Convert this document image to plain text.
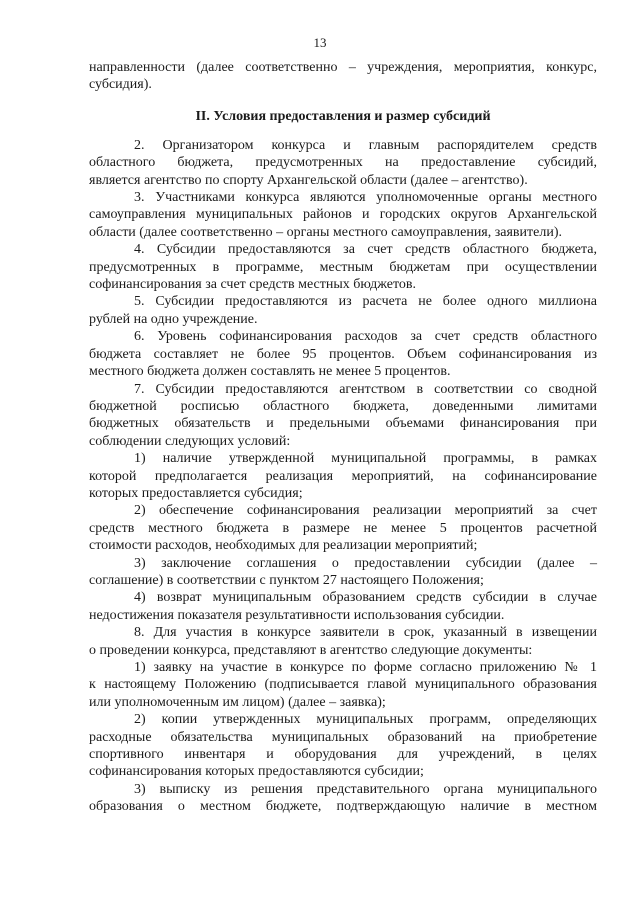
13
направленности (далее соответственно – учреждения, мероприятия, конкурс,
субсидия).
II. Условия предоставления и размер субсидий
2. Организатором конкурса и главным распорядителем средств
областного бюджета, предусмотренных на предоставление субсидий,
является агентство по спорту Архангельской области (далее – агентство).
3. Участниками конкурса являются уполномоченные органы местного
самоуправления муниципальных районов и городских округов Архангельской
области (далее соответственно – органы местного самоуправления, заявители).
4. Субсидии предоставляются за счет средств областного бюджета,
предусмотренных в программе, местным бюджетам при осуществлении
софинансирования за счет средств местных бюджетов.
5. Субсидии предоставляются из расчета не более одного миллиона
рублей на одно учреждение.
6. Уровень софинансирования расходов за счет средств областного
бюджета составляет не более 95 процентов. Объем софинансирования из
местного бюджета должен составлять не менее 5 процентов.
7. Субсидии предоставляются агентством в соответствии со сводной
бюджетной росписью областного бюджета, доведенными лимитами
бюджетных обязательств и предельными объемами финансирования при
соблюдении следующих условий:
1) наличие утвержденной муниципальной программы, в рамках
которой предполагается реализация мероприятий, на софинансирование
которых предоставляется субсидия;
2) обеспечение софинансирования реализации мероприятий за счет
средств местного бюджета в размере не менее 5 процентов расчетной
стоимости расходов, необходимых для реализации мероприятий;
3) заключение соглашения о предоставлении субсидии (далее –
соглашение) в соответствии с пунктом 27 настоящего Положения;
4) возврат муниципальным образованием средств субсидии в случае
недостижения показателя результативности использования субсидии.
8. Для участия в конкурсе заявители в срок, указанный в извещении
о проведении конкурса, представляют в агентство следующие документы:
1) заявку на участие в конкурсе по форме согласно приложению № 1
к настоящему Положению (подписывается главой муниципального образования
или уполномоченным им лицом) (далее – заявка);
2) копии утвержденных муниципальных программ, определяющих
расходные обязательства муниципальных образований на приобретение
спортивного инвентаря и оборудования для учреждений, в целях
софинансирования которых предоставляются субсидии;
3) выписку из решения представительного органа муниципального
образования о местном бюджете, подтверждающую наличие в местном
